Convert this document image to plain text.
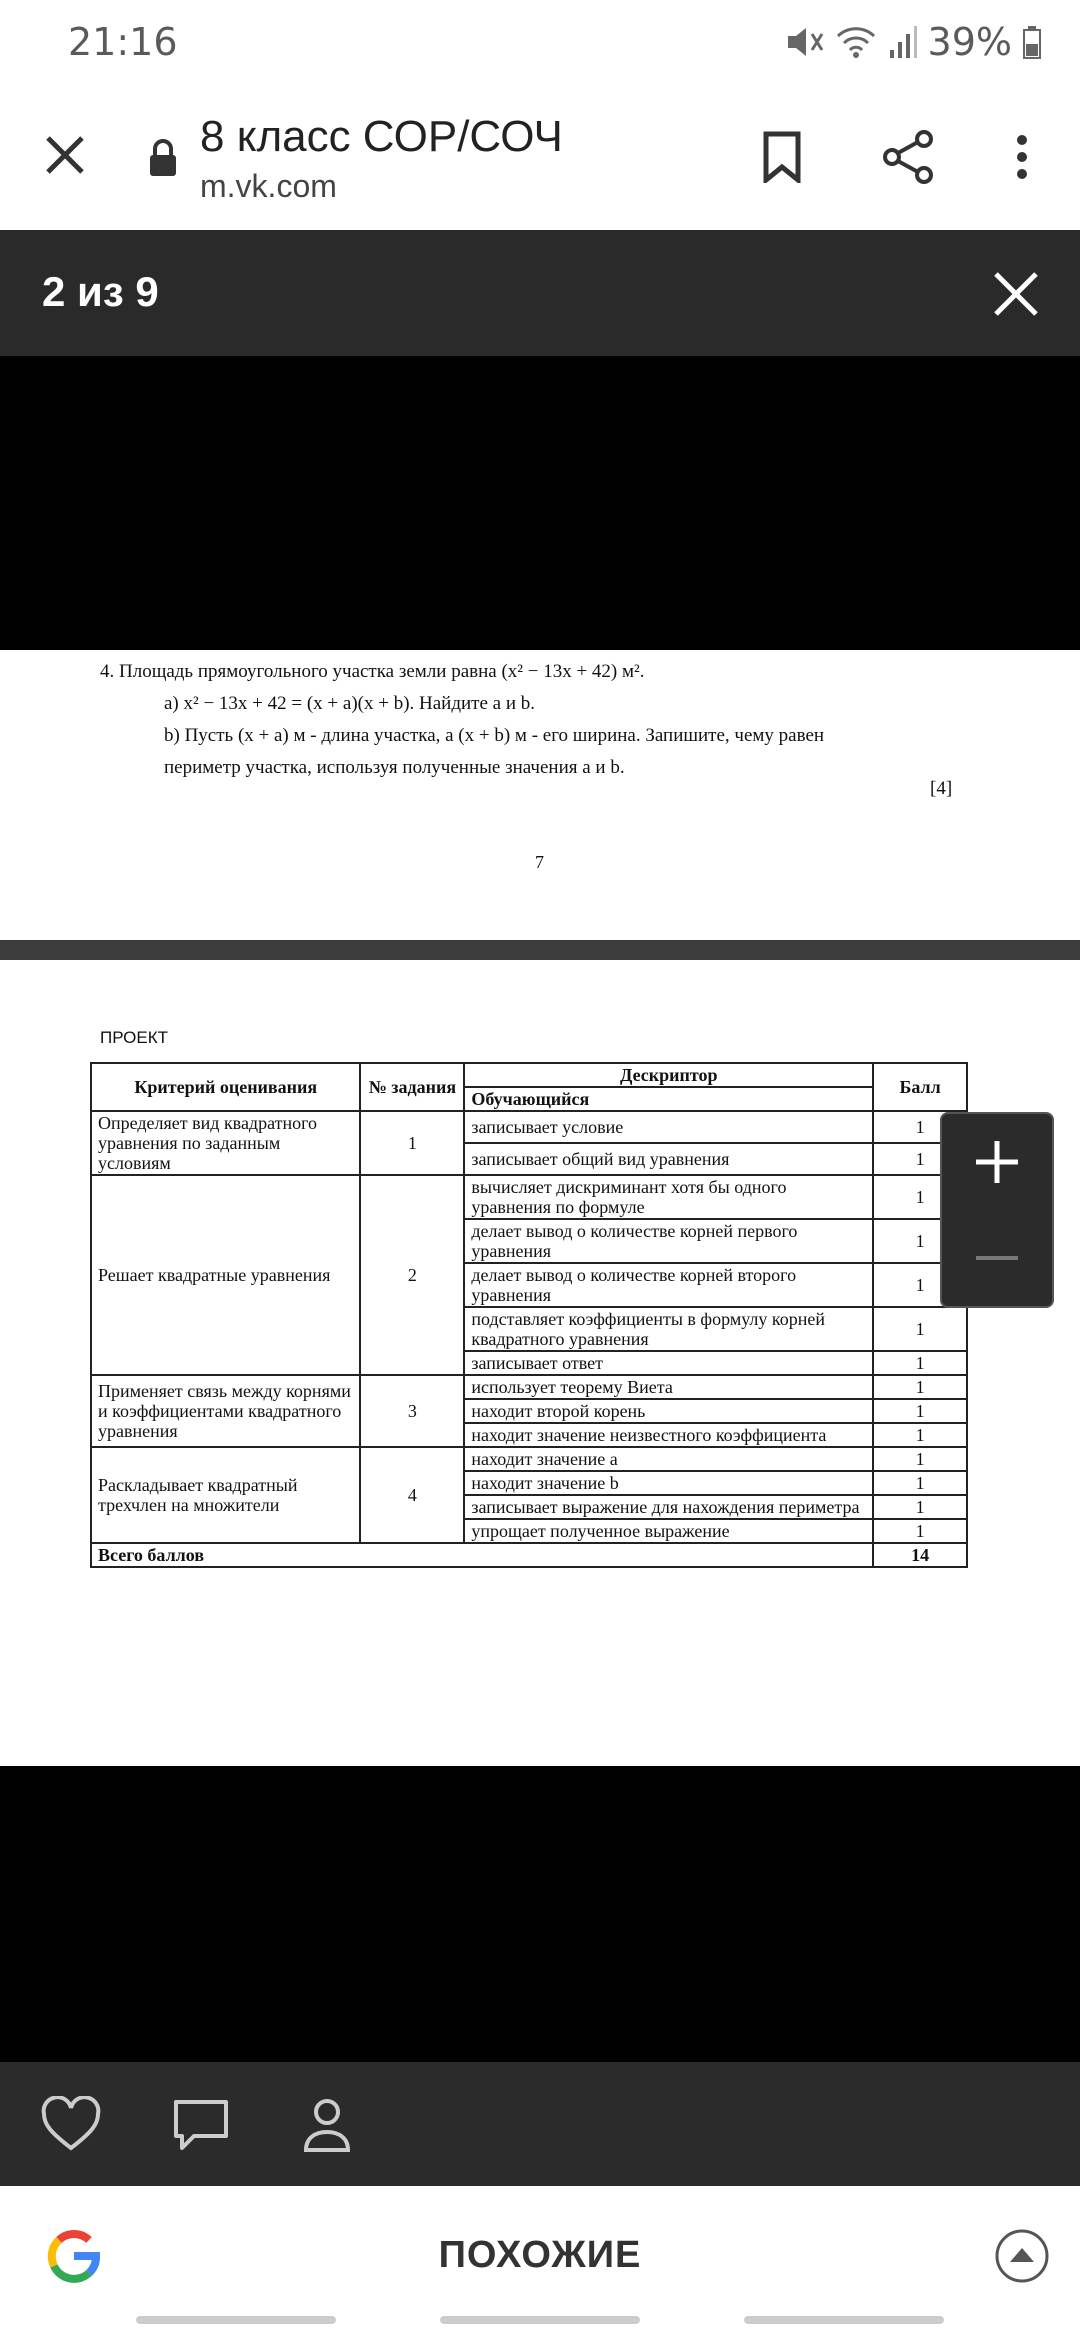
21:16	39%
8 класс СОР/СОЧ
m.vk.com
2 из 9
4. Площадь прямоугольного участка земли равна (x² − 13x + 42) м².
a) x² − 13x + 42 = (x + a)(x + b). Найдите a и b.
b) Пусть (x + a) м - длина участка, а (x + b) м - его ширина. Запишите, чему равен
периметр участка, используя полученные значения a и b.
[4]
7
ПРОЕКТ
Критерий оценивания	№ задания	Дескриптор	Балл
		Обучающийся	
Определяет вид квадратного уравнения по заданным условиям	1	записывает условие	1
		записывает общий вид уравнения	1
Решает квадратные уравнения	2	вычисляет дискриминант хотя бы одного уравнения по формуле	1
		делает вывод о количестве корней первого уравнения	1
		делает вывод о количестве корней второго уравнения	1
		подставляет коэффициенты в формулу корней квадратного уравнения	1
		записывает ответ	1
Применяет связь между корнями и коэффициентами квадратного уравнения	3	использует теорему Виета	1
		находит второй корень	1
		находит значение неизвестного коэффициента	1
Раскладывает квадратный трехчлен на множители	4	находит значение a	1
		находит значение b	1
		записывает выражение для нахождения периметра	1
		упрощает полученное выражение	1
Всего баллов			14
ПОХОЖИЕ
